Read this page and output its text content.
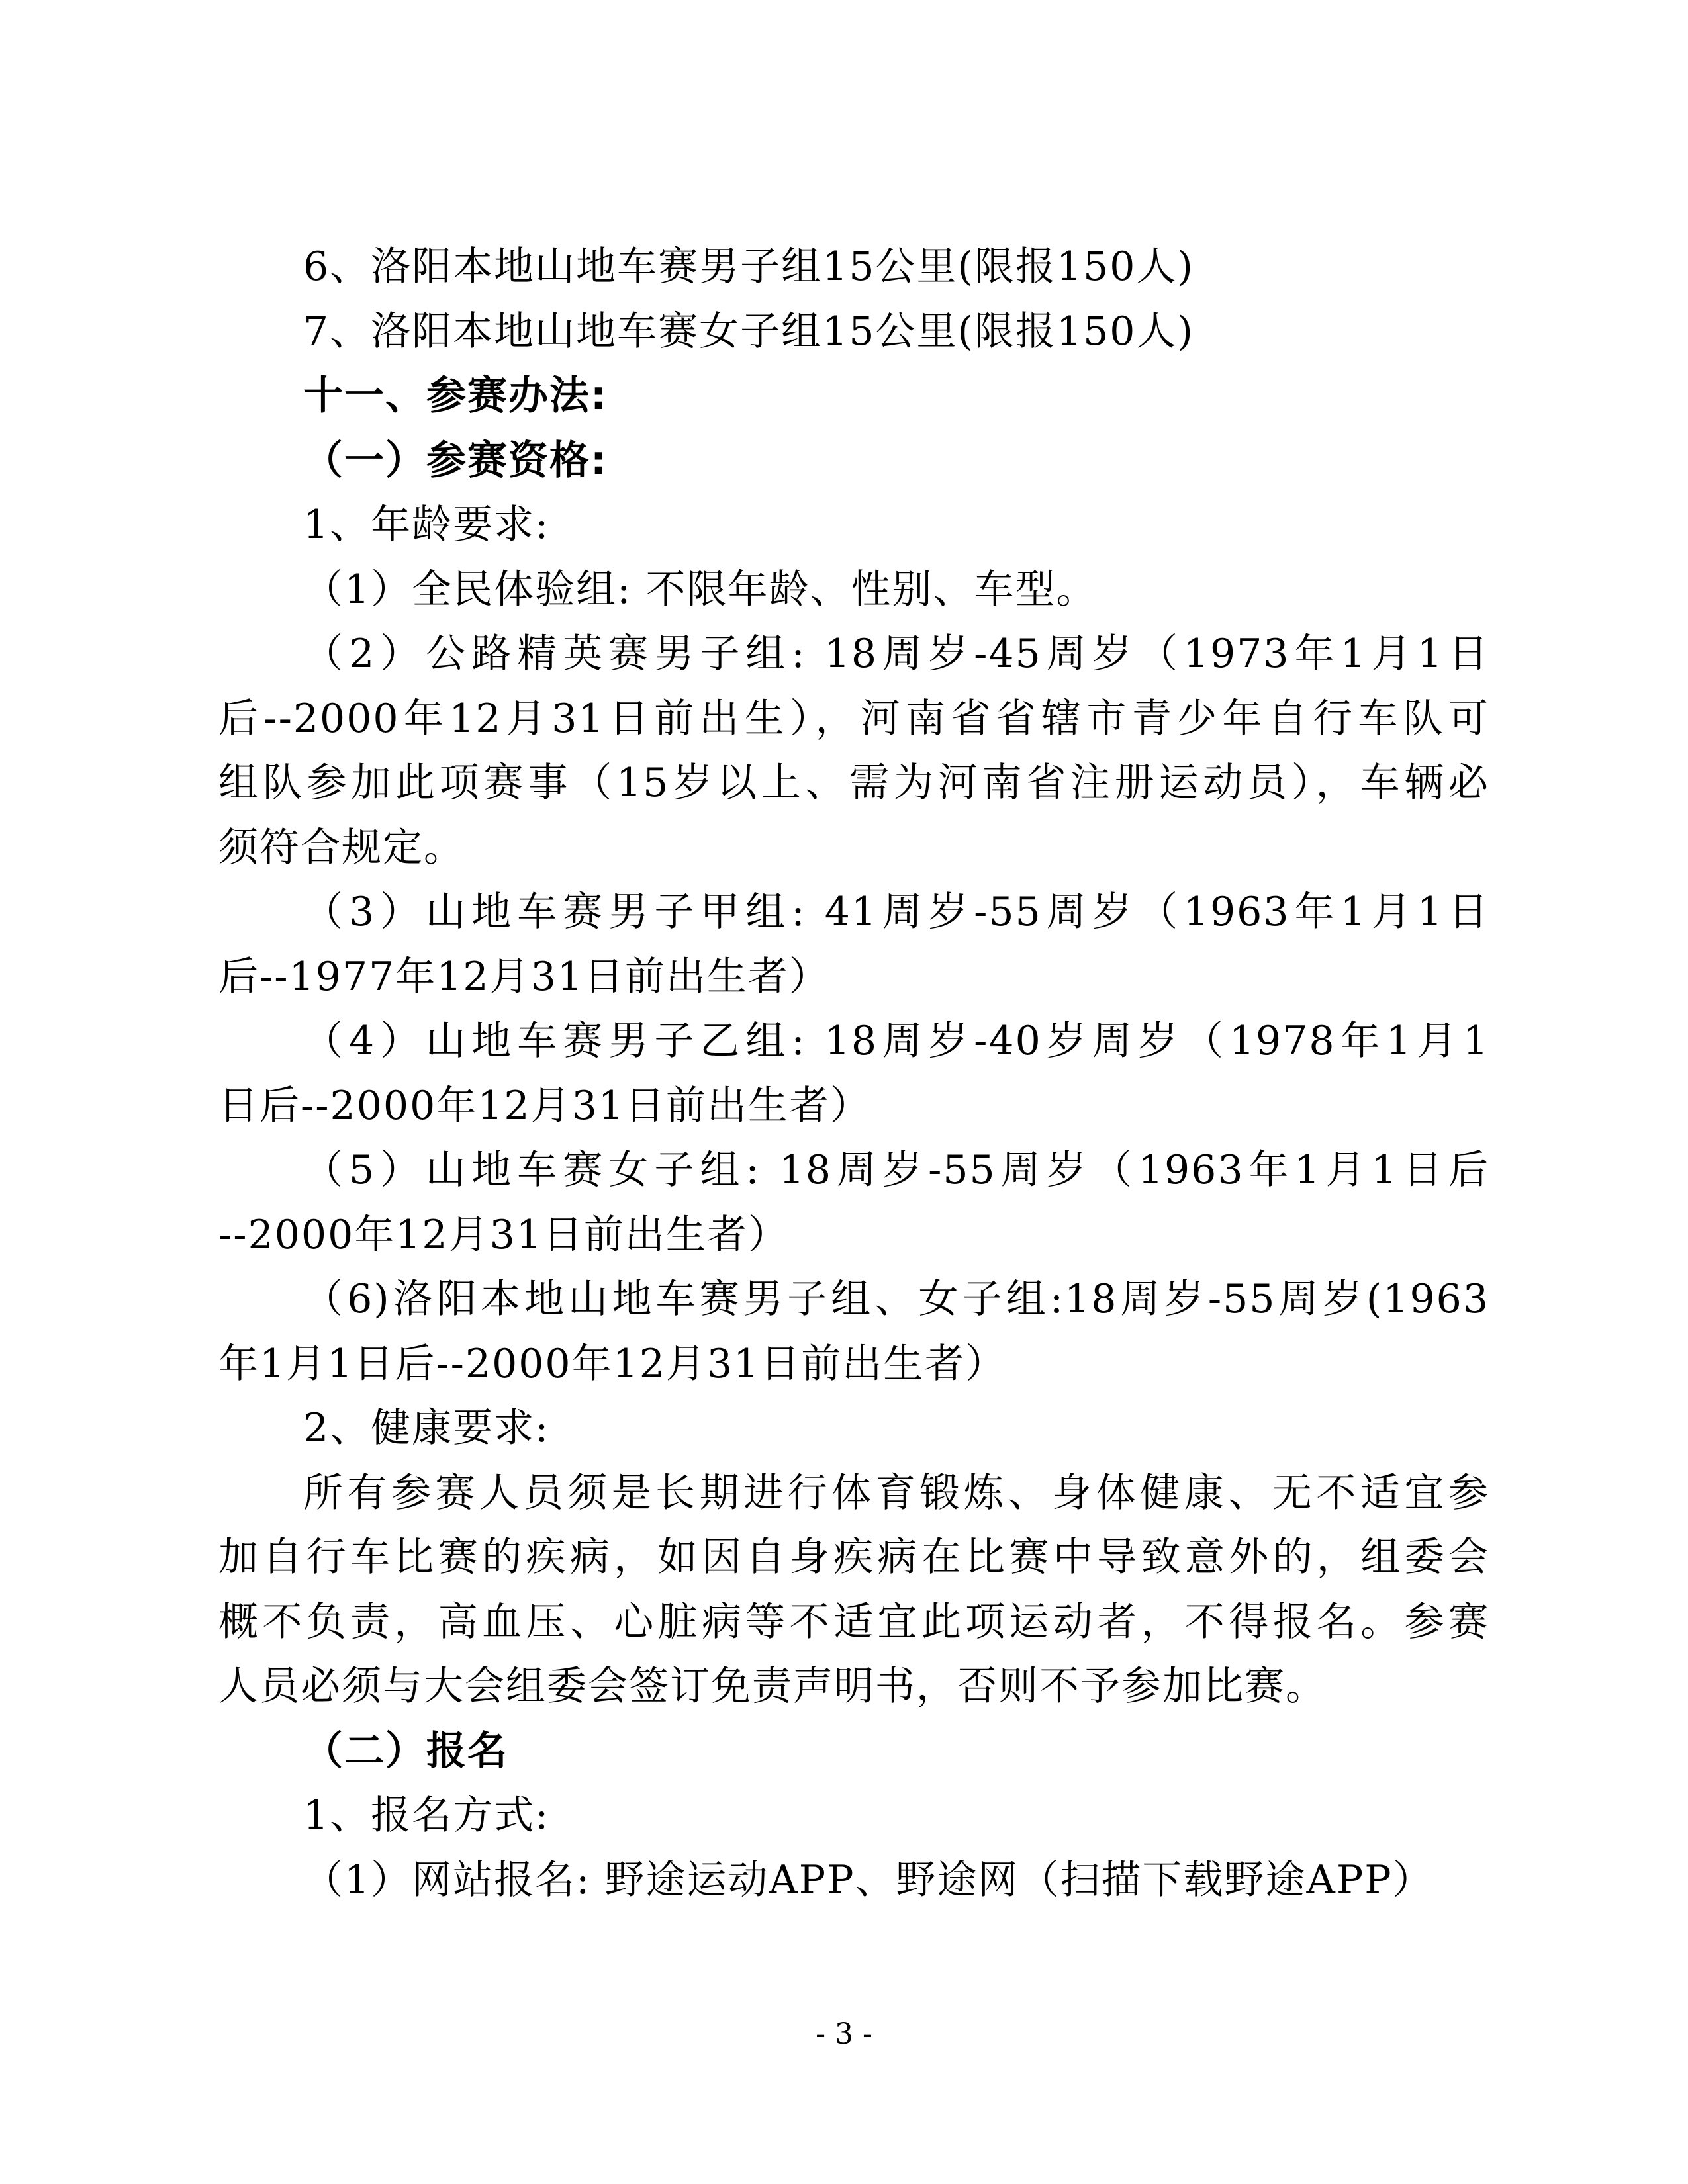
6、洛阳本地山地车赛男子组15公里(限报150人)
7、洛阳本地山地车赛女子组15公里(限报150人)
十一、参赛办法:
（一）参赛资格:
1、年龄要求:
（1）全民体验组: 不限年龄、性别、车型。
（2）公路精英赛男子组: 18周岁-45周岁（1973年1月1日
后--2000年12月31日前出生），河南省省辖市青少年自行车队可
组队参加此项赛事（15岁以上、需为河南省注册运动员），车辆必
须符合规定。
（3）山地车赛男子甲组: 41周岁-55周岁（1963年1月1日
后--1977年12月31日前出生者）
（4）山地车赛男子乙组: 18周岁-40岁周岁（1978年1月1
日后--2000年12月31日前出生者）
（5）山地车赛女子组: 18周岁-55周岁（1963年1月1日后
--2000年12月31日前出生者）
（6)洛阳本地山地车赛男子组、女子组:18周岁-55周岁(1963
年1月1日后--2000年12月31日前出生者）
2、健康要求:
所有参赛人员须是长期进行体育锻炼、身体健康、无不适宜参
加自行车比赛的疾病，如因自身疾病在比赛中导致意外的，组委会
概不负责，高血压、心脏病等不适宜此项运动者，不得报名。参赛
人员必须与大会组委会签订免责声明书，否则不予参加比赛。
（二）报名
1、报名方式:
（1）网站报名: 野途运动APP、野途网（扫描下载野途APP）
- 3 -
